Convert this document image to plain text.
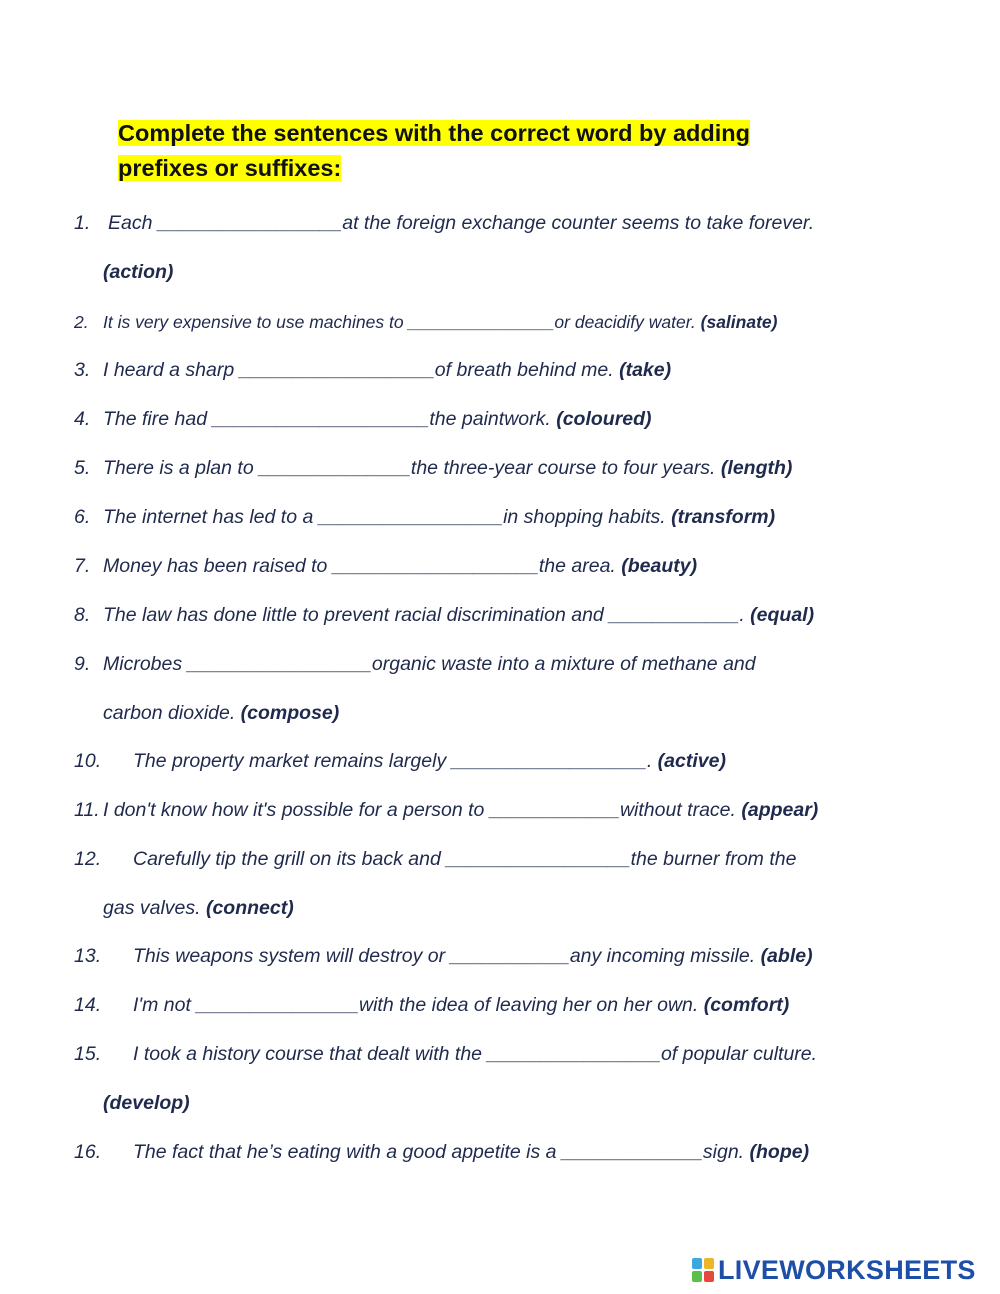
Complete the sentences with the correct word by adding
prefixes or suffixes:
1. Each _________________at the foreign exchange counter seems to take forever.
(action)
2. It is very expensive to use machines to _______________or deacidify water. (salinate)
3. I heard a sharp __________________of breath behind me. (take)
4. The fire had ____________________the paintwork. (coloured)
5. There is a plan to ______________the three-year course to four years. (length)
6. The internet has led to a _________________in shopping habits. (transform)
7. Money has been raised to ___________________the area. (beauty)
8. The law has done little to prevent racial discrimination and ____________. (equal)
9. Microbes _________________organic waste into a mixture of methane and
carbon dioxide. (compose)
10. The property market remains largely __________________. (active)
11. I don't know how it's possible for a person to ____________without trace. (appear)
12. Carefully tip the grill on its back and _________________the burner from the
gas valves. (connect)
13. This weapons system will destroy or ___________any incoming missile. (able)
14. I'm not _______________with the idea of leaving her on her own. (comfort)
15. I took a history course that dealt with the ________________of popular culture.
(develop)
16. The fact that he’s eating with a good appetite is a _____________sign. (hope)
LIVEWORKSHEETS
